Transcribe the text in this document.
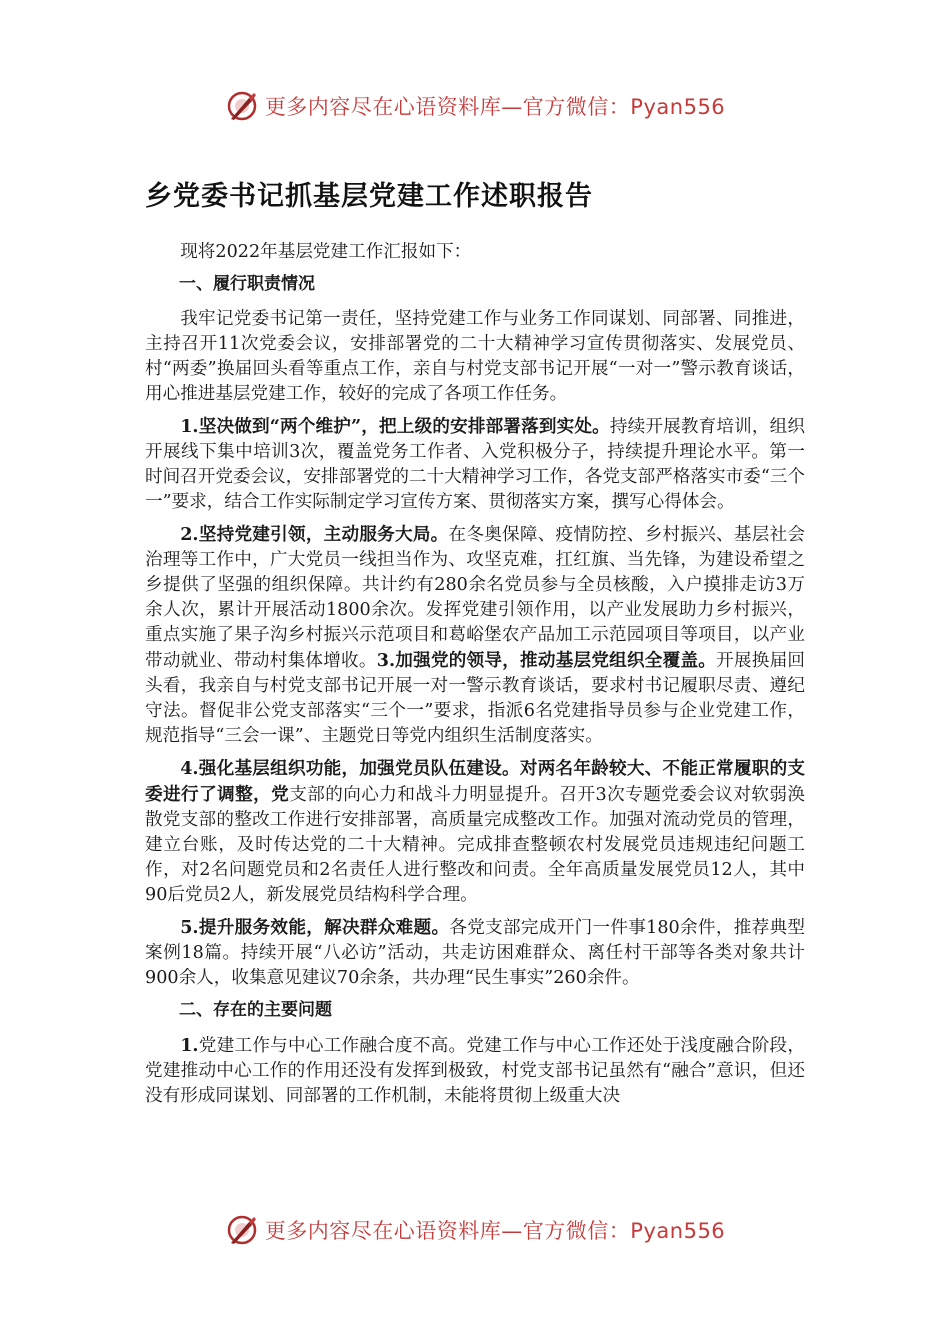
更多内容尽在心语资料库—官方微信：Pyan556
乡党委书记抓基层党建工作述职报告

现将2022年基层党建工作汇报如下：

一、履行职责情况

我牢记党委书记第一责任，坚持党建工作与业务工作同谋划、同部署、同推进，主持召开11次党委会议，安排部署党的二十大精神学习宣传贯彻落实、发展党员、村“两委”换届回头看等重点工作，亲自与村党支部书记开展“一对一”警示教育谈话，用心推进基层党建工作，较好的完成了各项工作任务。

1.坚决做到“两个维护”，把上级的安排部署落到实处。持续开展教育培训，组织开展线下集中培训3次，覆盖党务工作者、入党积极分子，持续提升理论水平。第一时间召开党委会议，安排部署党的二十大精神学习工作，各党支部严格落实市委“三个一”要求，结合工作实际制定学习宣传方案、贯彻落实方案，撰写心得体会。

2.坚持党建引领，主动服务大局。在冬奥保障、疫情防控、乡村振兴、基层社会治理等工作中，广大党员一线担当作为、攻坚克难，扛红旗、当先锋，为建设希望之乡提供了坚强的组织保障。共计约有280余名党员参与全员核酸，入户摸排走访3万余人次，累计开展活动1800余次。发挥党建引领作用，以产业发展助力乡村振兴，重点实施了果子沟乡村振兴示范项目和葛峪堡农产品加工示范园项目等项目，以产业带动就业、带动村集体增收。3.加强党的领导，推动基层党组织全覆盖。开展换届回头看，我亲自与村党支部书记开展一对一警示教育谈话，要求村书记履职尽责、遵纪守法。督促非公党支部落实“三个一”要求，指派6名党建指导员参与企业党建工作，规范指导“三会一课”、主题党日等党内组织生活制度落实。

4.强化基层组织功能，加强党员队伍建设。对两名年龄较大、不能正常履职的支委进行了调整，党支部的向心力和战斗力明显提升。召开3次专题党委会议对软弱涣散党支部的整改工作进行安排部署，高质量完成整改工作。加强对流动党员的管理，建立台账，及时传达党的二十大精神。完成排查整顿农村发展党员违规违纪问题工作，对2名问题党员和2名责任人进行整改和问责。全年高质量发展党员12人，其中90后党员2人，新发展党员结构科学合理。

5.提升服务效能，解决群众难题。各党支部完成开门一件事180余件，推荐典型案例18篇。持续开展“八必访”活动，共走访困难群众、离任村干部等各类对象共计900余人，收集意见建议70余条，共办理“民生事实”260余件。

二、存在的主要问题

1.党建工作与中心工作融合度不高。党建工作与中心工作还处于浅度融合阶段，党建推动中心工作的作用还没有发挥到极致，村党支部书记虽然有“融合”意识，但还没有形成同谋划、同部署的工作机制，未能将贯彻上级重大决

更多内容尽在心语资料库—官方微信：Pyan556
